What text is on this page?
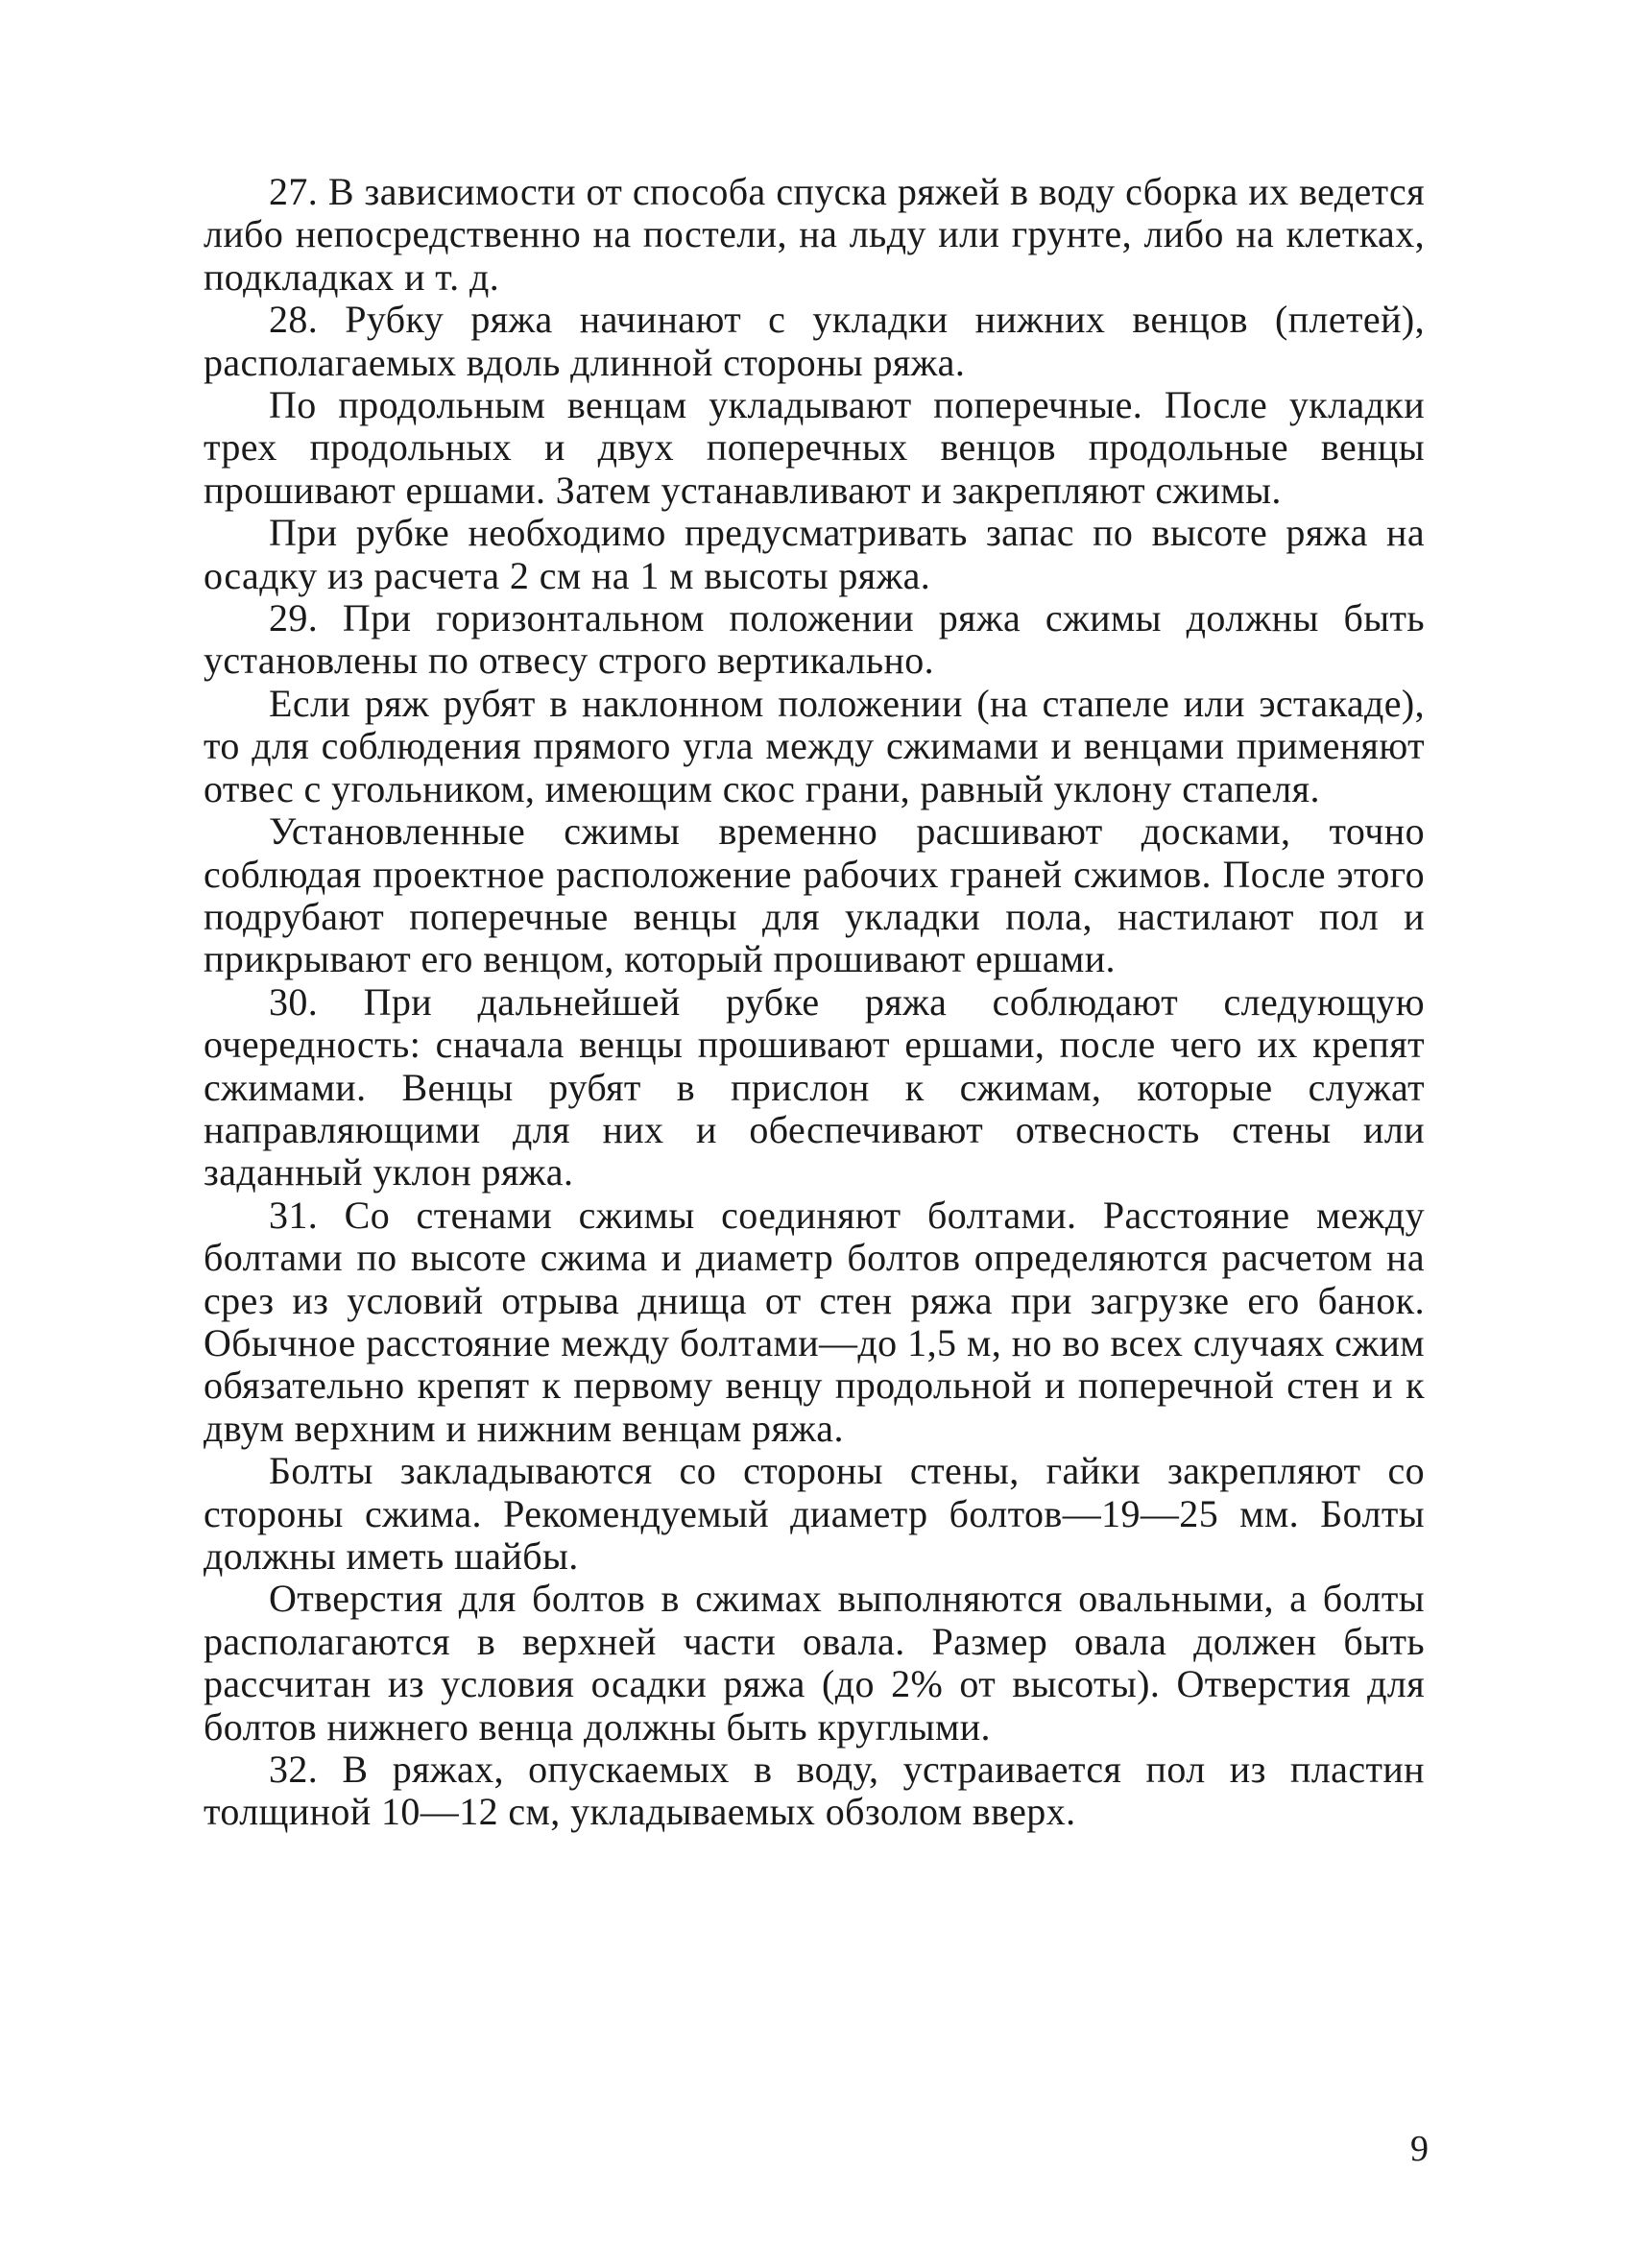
27. В зависимости от способа спуска ряжей в воду сборка их ведется либо непосредственно на постели, на льду или грунте, либо на клетках, подкладках и т. д.

28. Рубку ряжа начинают с укладки нижних венцов (плетей), располагаемых вдоль длинной стороны ряжа.

По продольным венцам укладывают поперечные. После укладки трех продольных и двух поперечных венцов продольные венцы прошивают ершами. Затем устанавливают и закрепляют сжимы.

При рубке необходимо предусматривать запас по высоте ряжа на осадку из расчета 2 см на 1 м высоты ряжа.

29. При горизонтальном положении ряжа сжимы должны быть установлены по отвесу строго вертикально.

Если ряж рубят в наклонном положении (на стапеле или эстакаде), то для соблюдения прямого угла между сжимами и венцами применяют отвес с угольником, имеющим скос грани, равный уклону стапеля.

Установленные сжимы временно расшивают досками, точно соблюдая проектное расположение рабочих граней сжимов. После этого подрубают поперечные венцы для укладки пола, настилают пол и прикрывают его венцом, который прошивают ершами.

30. При дальнейшей рубке ряжа соблюдают следующую очередность: сначала венцы прошивают ершами, после чего их крепят сжимами. Венцы рубят в прислон к сжимам, которые служат направляющими для них и обеспечивают отвесность стены или заданный уклон ряжа.

31. Со стенами сжимы соединяют болтами. Расстояние между болтами по высоте сжима и диаметр болтов определяются расчетом на срез из условий отрыва днища от стен ряжа при загрузке его банок. Обычное расстояние между болтами—до 1,5 м, но во всех случаях сжим обязательно крепят к первому венцу продольной и поперечной стен и к двум верхним и нижним венцам ряжа.

Болты закладываются со стороны стены, гайки закрепляют со стороны сжима. Рекомендуемый диаметр болтов—19—25 мм. Болты должны иметь шайбы.

Отверстия для болтов в сжимах выполняются овальными, а болты располагаются в верхней части овала. Размер овала должен быть рассчитан из условия осадки ряжа (до 2% от высоты). Отверстия для болтов нижнего венца должны быть круглыми.

32. В ряжах, опускаемых в воду, устраивается пол из пластин толщиной 10—12 см, укладываемых обзолом вверх.

9
